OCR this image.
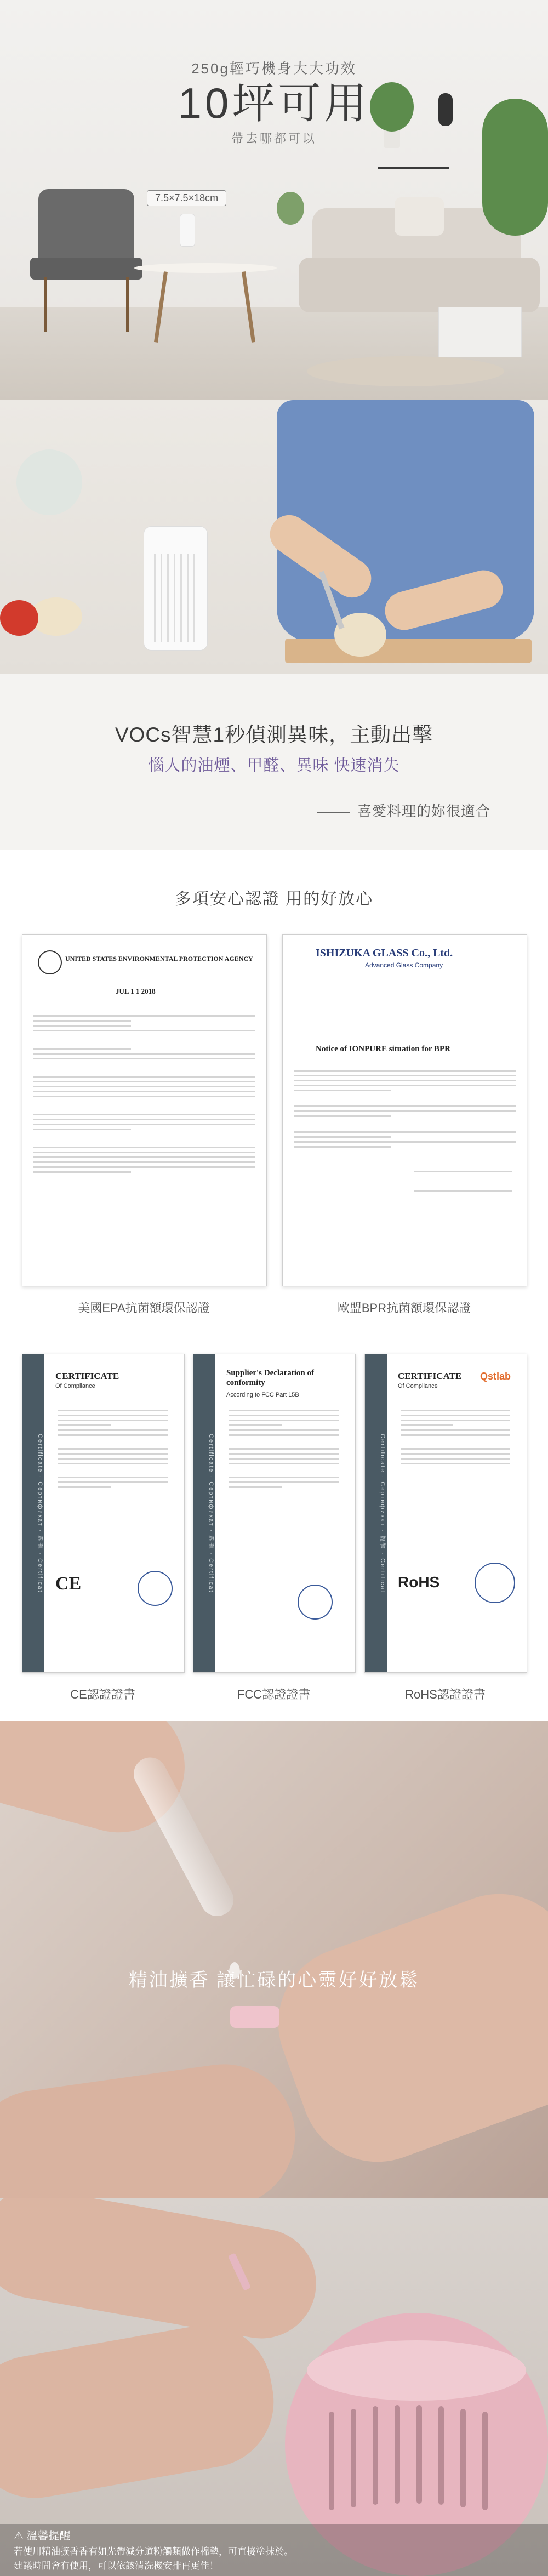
250g輕巧機身大大功效
10坪可用
帶去哪都可以
7.5×7.5×18cm
VOCs智慧1秒偵測異味，主動出擊
惱人的油煙、甲醛、異味 快速消失
喜愛料理的妳很適合
多項安心認證 用的好放心
UNITED STATES ENVIRONMENTAL PROTECTION AGENCY
JUL 1 1 2018
美國EPA抗菌額環保認證
ISHIZUKA GLASS Co., Ltd.
Advanced Glass Company
Notice of IONPURE situation for BPR
歐盟BPR抗菌額環保認證
Certificate · Сертификат · 證書 · Certificat
CERTIFICATE
Of Compliance
CE
CE認證證書
Certificate · Сертификат · 證書 · Certificat
Supplier's Declaration of conformity
According to FCC Part 15B
FCC認證證書
Certificate · Сертификат · 證書 · Certificat
CERTIFICATE
Of Compliance
Qstlab
RoHS
RoHS認證證書
精油擴香 讓忙碌的心靈好好放鬆
⚠ 溫馨提醒
若使用精油擴香香有如先帶減分道粉觸類做作棉墊，可直接塗抹於。
建議時間會有使用，可以依該清洗機安排再更佳！
